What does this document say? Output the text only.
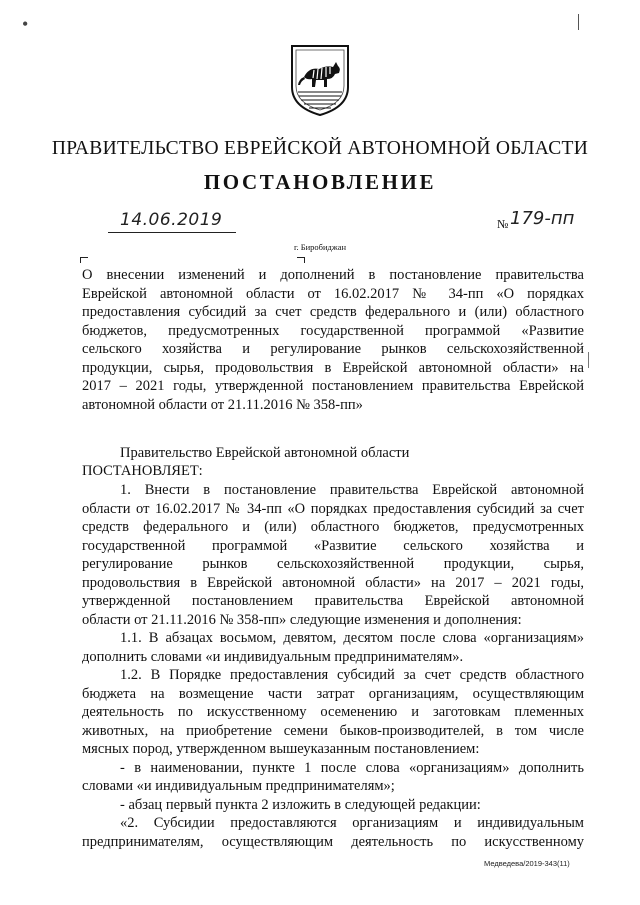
•
ПРАВИТЕЛЬСТВО ЕВРЕЙСКОЙ АВТОНОМНОЙ ОБЛАСТИ
ПОСТАНОВЛЕНИЕ
14.06.2019	№ 179-пп
г. Биробиджан
О внесении изменений и дополнений в постановление правительства
Еврейской автономной области от 16.02.2017 № 34-пп «О порядках
предоставления субсидий за счет средств федерального и (или) областного
бюджетов, предусмотренных государственной программой «Развитие
сельского хозяйства и регулирование рынков сельскохозяйственной
продукции, сырья, продовольствия в Еврейской автономной области» на
2017 – 2021 годы, утвержденной постановлением правительства Еврейской
автономной области от 21.11.2016 № 358-пп»
Правительство Еврейской автономной области
ПОСТАНОВЛЯЕТ:
1. Внести в постановление правительства Еврейской автономной
области от 16.02.2017 № 34-пп «О порядках предоставления субсидий за счет
средств федерального и (или) областного бюджетов, предусмотренных
государственной программой «Развитие сельского хозяйства и
регулирование рынков сельскохозяйственной продукции, сырья,
продовольствия в Еврейской автономной области» на 2017 – 2021 годы,
утвержденной постановлением правительства Еврейской автономной
области от 21.11.2016 № 358-пп» следующие изменения и дополнения:
1.1. В абзацах восьмом, девятом, десятом после слова «организациям»
дополнить словами «и индивидуальным предпринимателям».
1.2. В Порядке предоставления субсидий за счет средств областного
бюджета на возмещение части затрат организациям, осуществляющим
деятельность по искусственному осеменению и заготовкам племенных
животных, на приобретение семени быков-производителей, в том числе
мясных пород, утвержденном вышеуказанным постановлением:
- в наименовании, пункте 1 после слова «организациям» дополнить
словами «и индивидуальным предпринимателям»;
- абзац первый пункта 2 изложить в следующей редакции:
«2. Субсидии предоставляются организациям и индивидуальным
предпринимателям, осуществляющим деятельность по искусственному
Медведева/2019-343(11)
